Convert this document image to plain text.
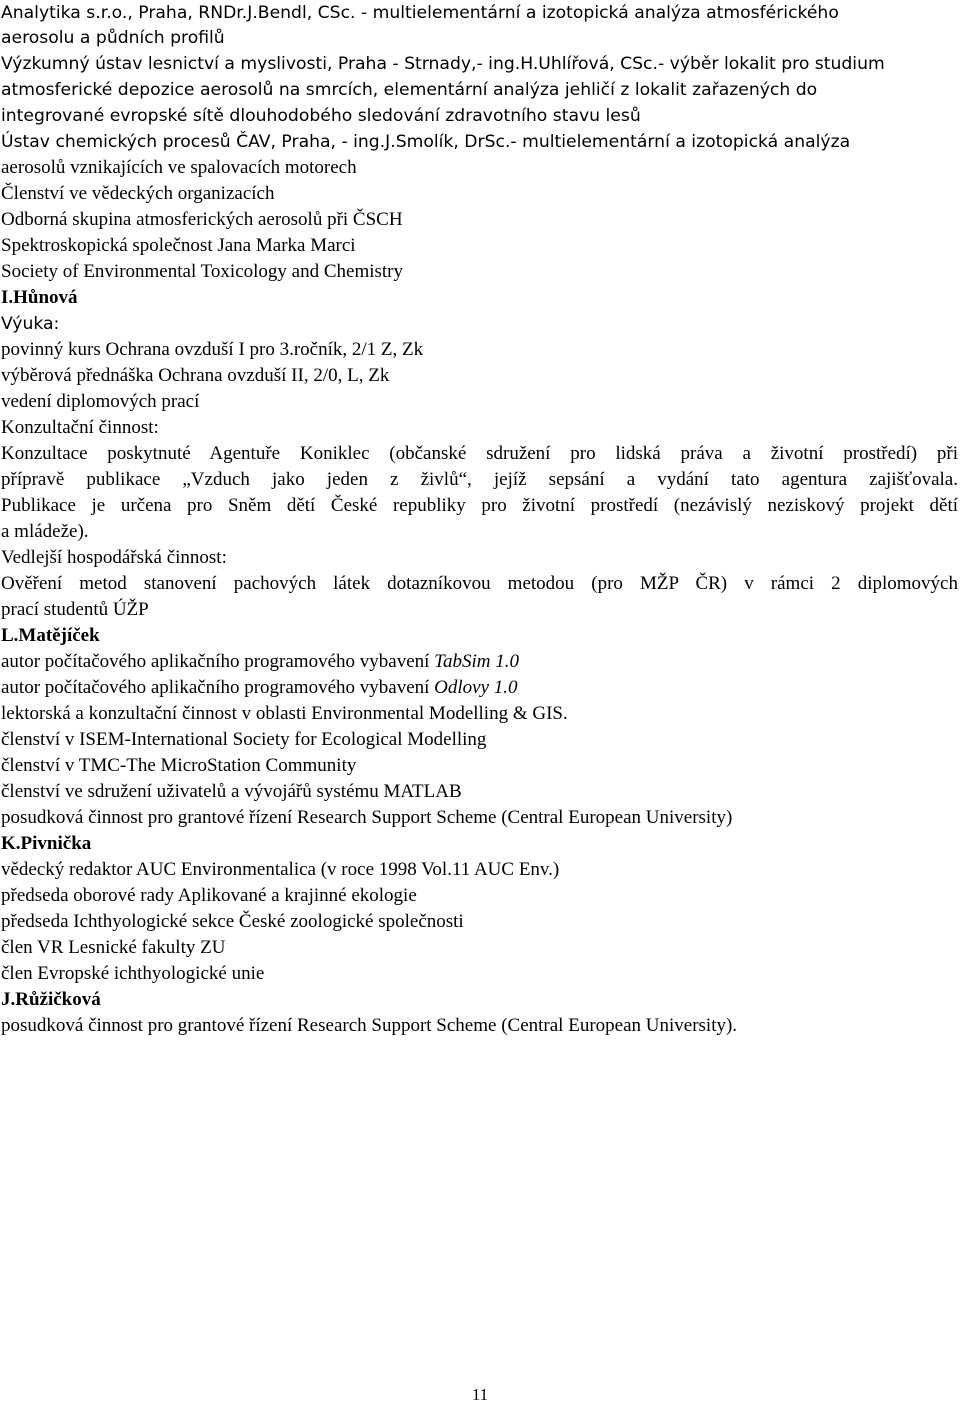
Analytika s.r.o., Praha, RNDr.J.Bendl, CSc. - multielementární a izotopická analýza atmosférického
aerosolu a půdních profilů
Výzkumný ústav lesnictví a myslivosti, Praha - Strnady,- ing.H.Uhlířová, CSc.- výběr lokalit pro studium
atmosferické depozice aerosolů na smrcích, elementární analýza jehličí z lokalit zařazených do
integrované evropské sítě dlouhodobého sledování zdravotního stavu lesů
Ústav chemických procesů ČAV, Praha, - ing.J.Smolík, DrSc.- multielementární a izotopická analýza
aerosolů vznikajících ve spalovacích motorech
Členství ve vědeckých organizacích
Odborná skupina atmosferických aerosolů při ČSCH
Spektroskopická společnost Jana Marka Marci
Society of Environmental Toxicology and Chemistry
I.Hůnová
Výuka:
povinný kurs Ochrana ovzduší I pro 3.ročník, 2/1 Z, Zk
výběrová přednáška Ochrana ovzduší II, 2/0, L, Zk
vedení diplomových prací
Konzultační činnost:
Konzultace poskytnuté Agentuře Koniklec (občanské sdružení pro lidská práva a životní prostředí) při
přípravě publikace „Vzduch jako jeden z živlů“, jejíž sepsání a vydání tato agentura zajišťovala.
Publikace je určena pro Sněm dětí České republiky pro životní prostředí (nezávislý neziskový projekt dětí
a mládeže).
Vedlejší hospodářská činnost:
Ověření metod stanovení pachových látek dotazníkovou metodou (pro MŽP ČR) v rámci 2 diplomových
prací studentů ÚŽP
L.Matějíček
autor počítačového aplikačního programového vybavení TabSim 1.0
autor počítačového aplikačního programového vybavení Odlovy 1.0
lektorská a konzultační činnost v oblasti Environmental Modelling & GIS.
členství v ISEM-International Society for Ecological Modelling
členství v TMC-The MicroStation Community
členství ve sdružení uživatelů a vývojářů systému MATLAB
posudková činnost pro grantové řízení Research Support Scheme (Central European University)
K.Pivnička
vědecký redaktor AUC Environmentalica (v roce 1998 Vol.11 AUC Env.)
předseda oborové rady Aplikované a krajinné ekologie
předseda Ichthyologické sekce České zoologické společnosti
člen VR Lesnické fakulty ZU
člen Evropské ichthyologické unie
J.Růžičková
posudková činnost pro grantové řízení Research Support Scheme (Central European University).
11
